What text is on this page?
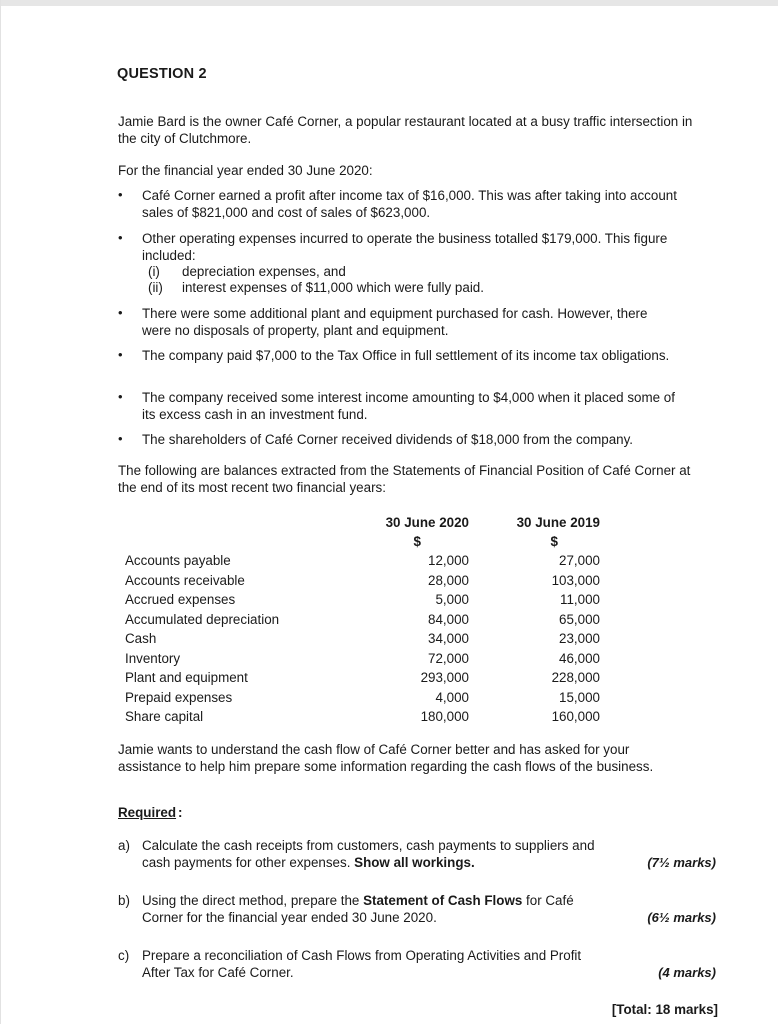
QUESTION 2
Jamie Bard is the owner Café Corner, a popular restaurant located at a busy traffic intersection in the city of Clutchmore.
For the financial year ended 30 June 2020:
• Café Corner earned a profit after income tax of $16,000. This was after taking into account sales of $821,000 and cost of sales of $623,000.
• Other operating expenses incurred to operate the business totalled $179,000. This figure included:
(i) depreciation expenses, and
(ii) interest expenses of $11,000 which were fully paid.
• There were some additional plant and equipment purchased for cash. However, there were no disposals of property, plant and equipment.
• The company paid $7,000 to the Tax Office in full settlement of its income tax obligations.
• The company received some interest income amounting to $4,000 when it placed some of its excess cash in an investment fund.
• The shareholders of Café Corner received dividends of $18,000 from the company.
The following are balances extracted from the Statements of Financial Position of Café Corner at the end of its most recent two financial years:
	30 June 2020	30 June 2019
	$	$
Accounts payable	12,000	27,000
Accounts receivable	28,000	103,000
Accrued expenses	5,000	11,000
Accumulated depreciation	84,000	65,000
Cash	34,000	23,000
Inventory	72,000	46,000
Plant and equipment	293,000	228,000
Prepaid expenses	4,000	15,000
Share capital	180,000	160,000
Jamie wants to understand the cash flow of Café Corner better and has asked for your assistance to help him prepare some information regarding the cash flows of the business.
Required :
a) Calculate the cash receipts from customers, cash payments to suppliers and cash payments for other expenses. Show all workings.	(7½ marks)
b) Using the direct method, prepare the Statement of Cash Flows for Café Corner for the financial year ended 30 June 2020.	(6½ marks)
c) Prepare a reconciliation of Cash Flows from Operating Activities and Profit After Tax for Café Corner.	(4 marks)
[Total: 18 marks]
